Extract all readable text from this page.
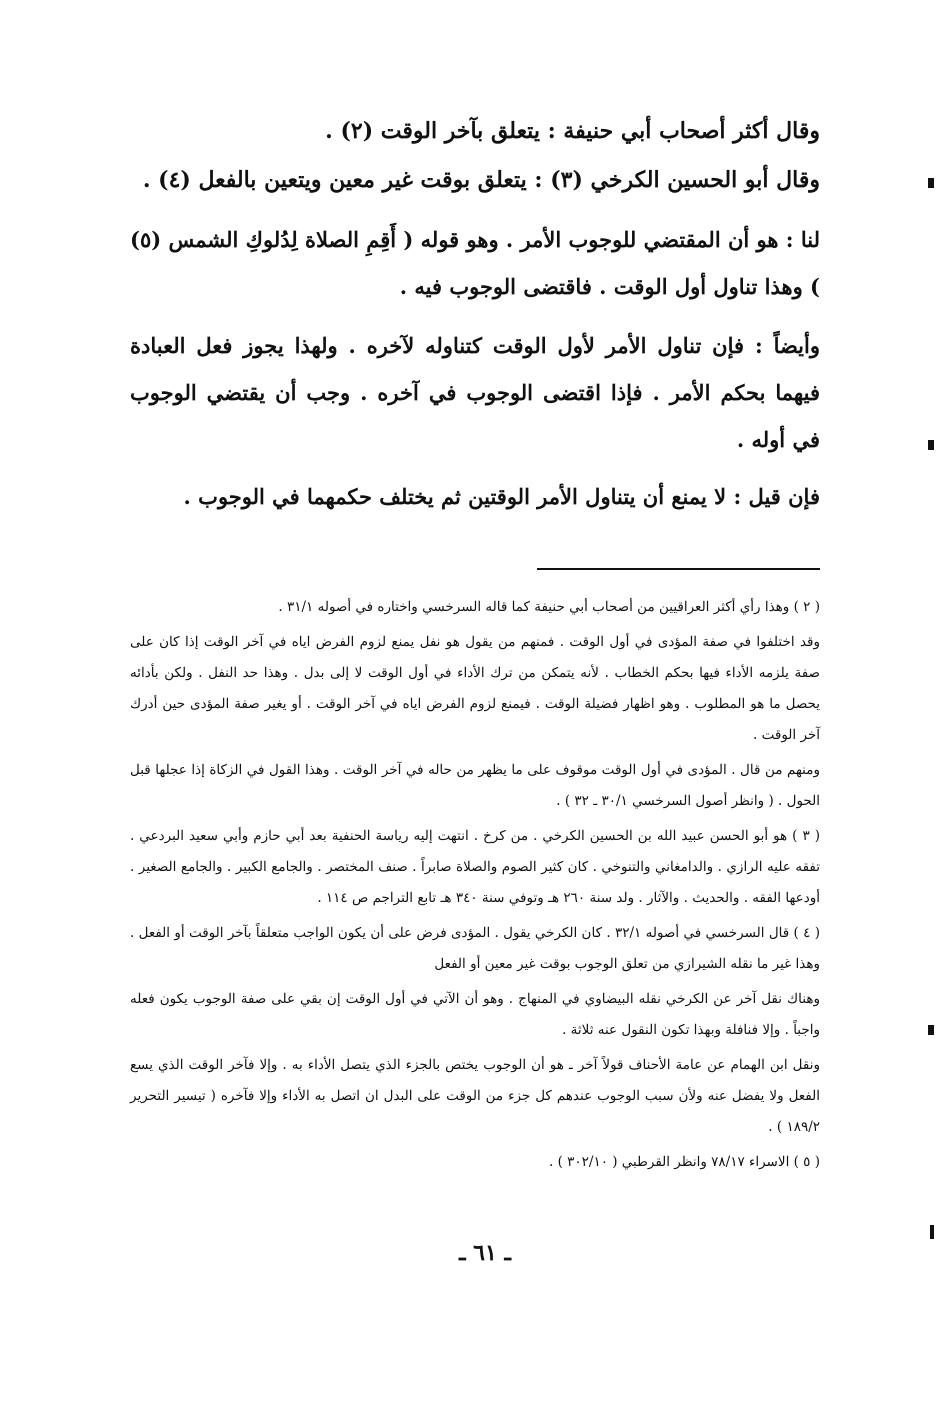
وقال أكثر أصحاب أبي حنيفة : يتعلق بآخر الوقت (٢) .

وقال أبو الحسين الكرخي (٣) : يتعلق بوقت غير معين ويتعين بالفعل (٤) .

لنا : هو أن المقتضي للوجوب الأمر . وهو قوله ( أَقِمِ الصلاة لِدُلوكِ الشمس (٥) ) وهذا تناول أول الوقت . فاقتضى الوجوب فيه .

وأيضاً : فإن تناول الأمر لأول الوقت كتناوله لآخره . ولهذا يجوز فعل العبادة فيهما بحكم الأمر . فإذا اقتضى الوجوب في آخره . وجب أن يقتضي الوجوب في أوله .

فإن قيل : لا يمنع أن يتناول الأمر الوقتين ثم يختلف حكمهما في الوجوب .

( ٢ ) وهذا رأي أكثر العراقيين من أصحاب أبي حنيفة كما قاله السرخسي واختاره في أصوله ٣١/١ .

وقد اختلفوا في صفة المؤدى في أول الوقت . فمنهم من يقول هو نفل يمنع لزوم الفرض اياه في آخر الوقت إذا كان على صفة يلزمه الأداء فيها بحكم الخطاب . لأنه يتمكن من ترك الأداء في أول الوقت لا إلى بدل . وهذا حد النفل . ولكن بأدائه يحصل ما هو المطلوب . وهو اظهار فضيلة الوقت . فيمنع لزوم الفرض اياه في آخر الوقت . أو يغير صفة المؤدى حين أدرك آخر الوقت .

ومنهم من قال . المؤدى في أول الوقت موقوف على ما يظهر من حاله في آخر الوقت . وهذا القول في الزكاة إذا عجلها قبل الحول . ( وانظر أصول السرخسي ٣٠/١ ـ ٣٢ ) .

( ٣ ) هو أبو الحسن عبيد الله بن الحسين الكرخي . من كرخ . انتهت إليه رياسة الحنفية بعد أبي حازم وأبي سعيد البردعي . تفقه عليه الرازي . والدامغاني والتنوخي . كان كثير الصوم والصلاة صابراً . صنف المختصر . والجامع الكبير . والجامع الصغير . أودعها الفقه . والحديث . والآثار . ولد سنة ٢٦٠ هـ وتوفي سنة ٣٤٠ هـ تابع التراجم ص ١١٤ .

( ٤ ) قال السرخسي في أصوله ٣٢/١ . كان الكرخي يقول . المؤدى فرض على أن يكون الواجب متعلقاً بآخر الوقت أو الفعل . وهذا غير ما نقله الشيرازي من تعلق الوجوب بوقت غير معين أو الفعل

وهناك نقل آخر عن الكرخي نقله البيضاوي في المنهاج . وهو أن الآتي في أول الوقت إن بقي على صفة الوجوب يكون فعله واجباً . وإلا فنافلة وبهذا تكون النقول عنه ثلاثة .

ونقل ابن الهمام عن عامة الأحناف قولاً آخر ـ هو أن الوجوب يختص بالجزء الذي يتصل الأداء به . وإلا فآخر الوقت الذي يسع الفعل ولا يفضل عنه ولأن سبب الوجوب عندهم كل جزء من الوقت على البدل ان اتصل به الأداء وإلا فآخره ( تيسير التحرير ١٨٩/٢ ) .

( ٥ ) الاسراء ٧٨/١٧ وانظر القرطبي ( ٣٠٢/١٠ ) .

ـ ٦١ ـ
